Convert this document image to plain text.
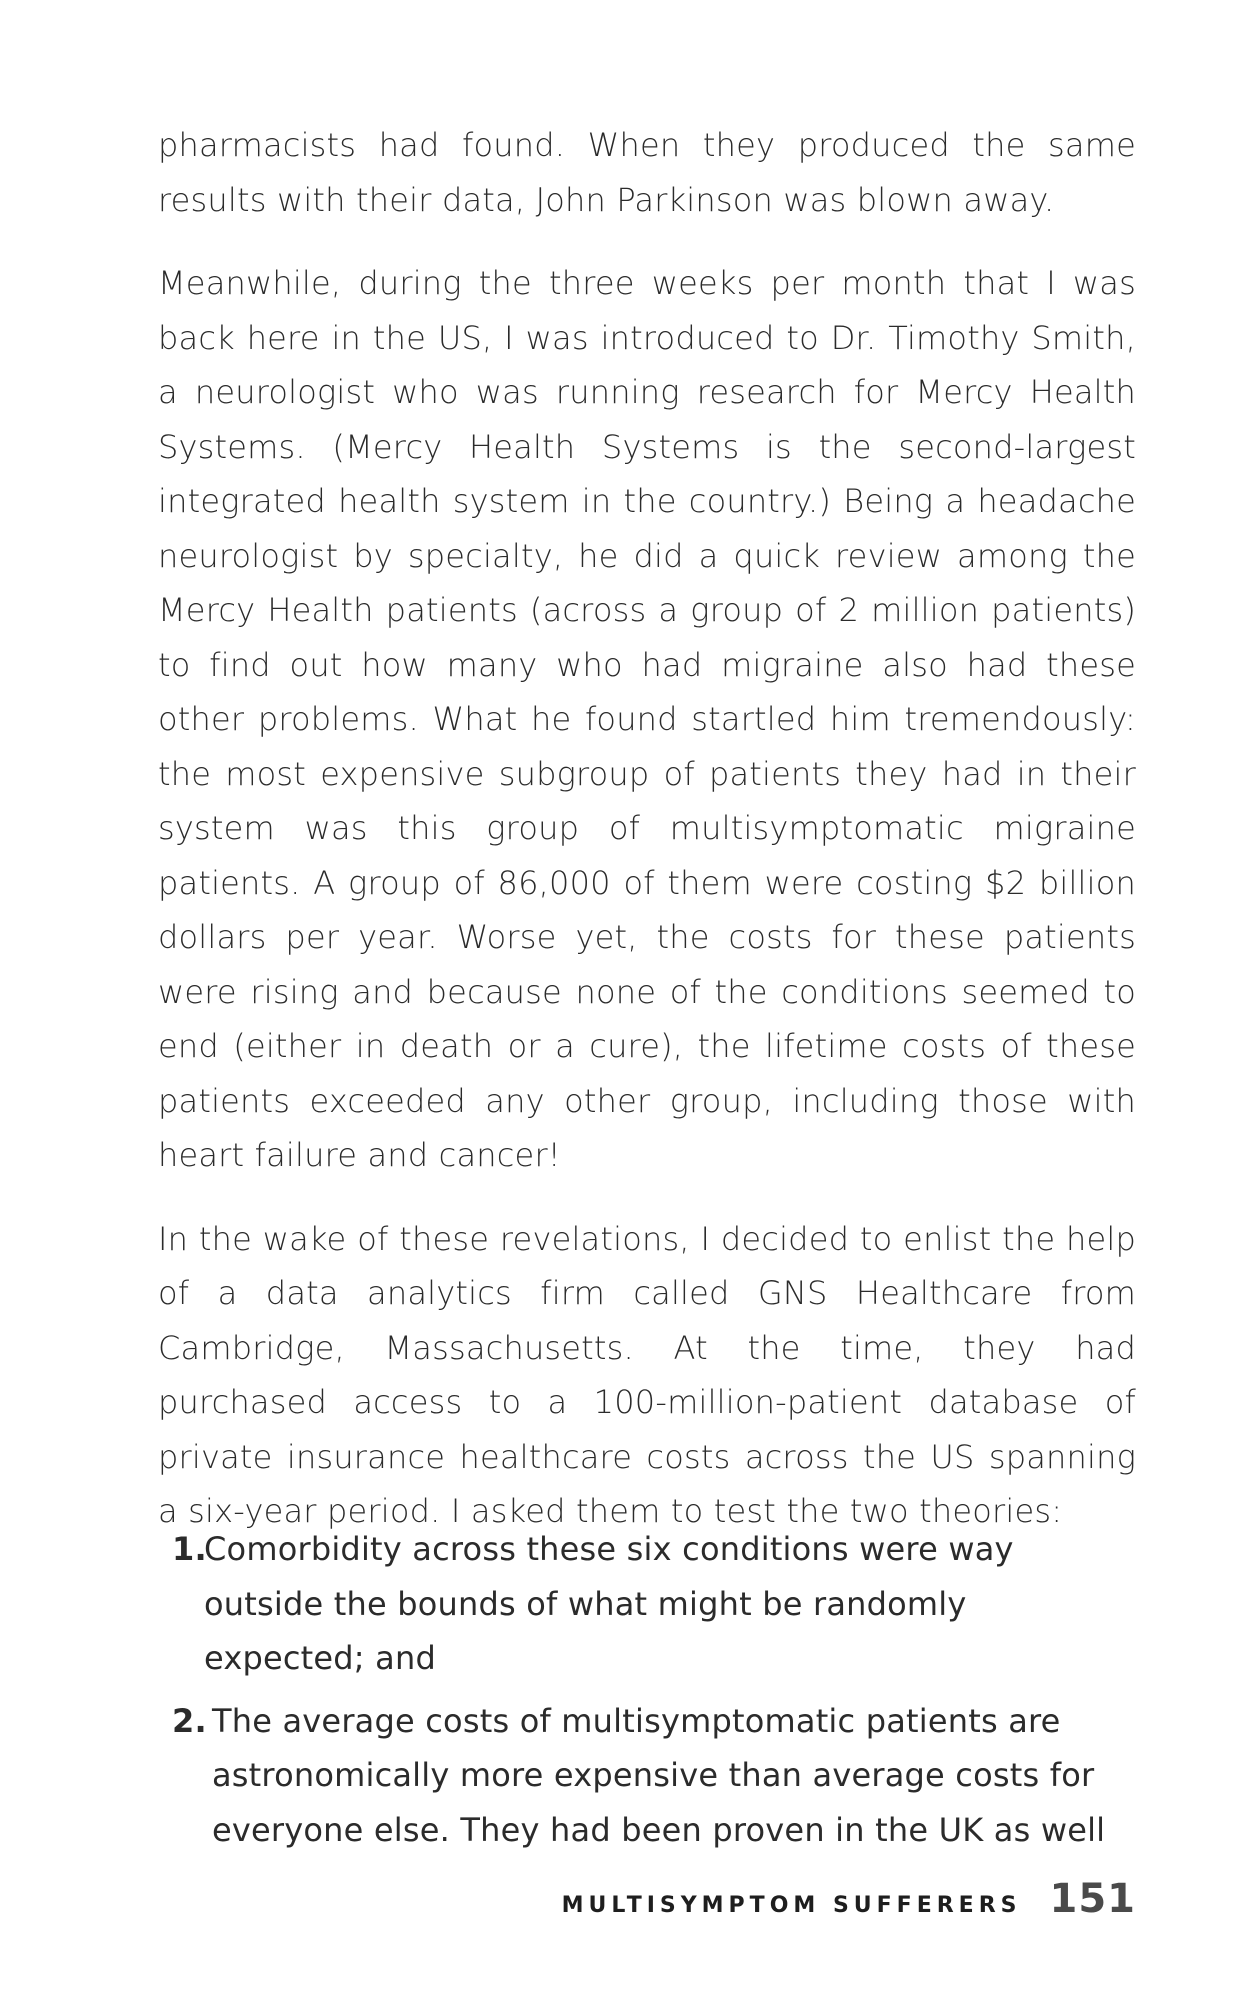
pharmacists had found. When they produced the same results with their data, John Parkinson was blown away.

Meanwhile, during the three weeks per month that I was back here in the US, I was introduced to Dr. Timothy Smith, a neurologist who was running research for Mercy Health Systems. (Mercy Health Systems is the second-largest integrated health system in the country.) Being a headache neurologist by specialty, he did a quick review among the Mercy Health patients (across a group of 2 million patients) to find out how many who had migraine also had these other problems. What he found startled him tremendously: the most expensive subgroup of patients they had in their system was this group of multisymptomatic migraine patients. A group of 86,000 of them were costing $2 billion dollars per year. Worse yet, the costs for these patients were rising and because none of the conditions seemed to end (either in death or a cure), the lifetime costs of these patients exceeded any other group, including those with heart failure and cancer!

In the wake of these revelations, I decided to enlist the help of a data analytics firm called GNS Healthcare from Cambridge, Massachusetts. At the time, they had purchased access to a 100-million-patient database of private insurance healthcare costs across the US spanning a six-year period. I asked them to test the two theories:

1.
Comorbidity across these six conditions were way outside the bounds of what might be randomly expected; and
2. The average costs of multisymptomatic patients are astronomically more expensive than average costs for everyone else. They had been proven in the UK as well
MULTISYMPTOM SUFFERERS 151
